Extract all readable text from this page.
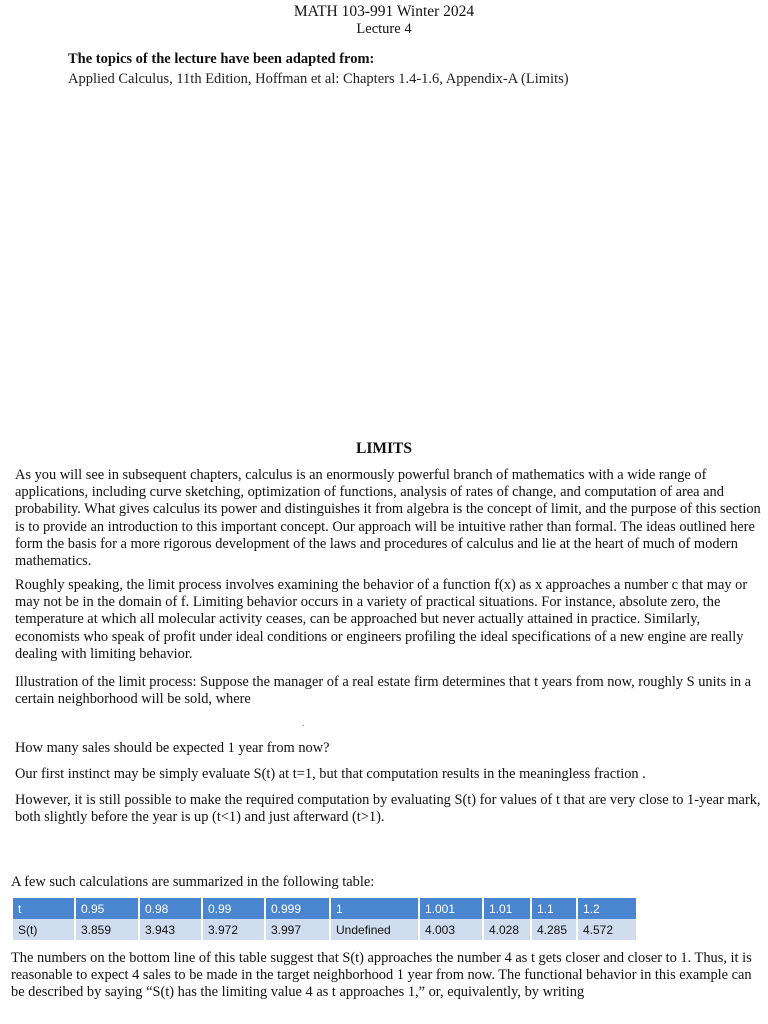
MATH 103-991 Winter 2024
Lecture 4
The topics of the lecture have been adapted from:
Applied Calculus, 11th Edition, Hoffman et al: Chapters 1.4-1.6, Appendix-A (Limits)
LIMITS
As you will see in subsequent chapters, calculus is an enormously powerful branch of mathematics with a wide range of applications, including curve sketching, optimization of functions, analysis of rates of change, and computation of area and probability. What gives calculus its power and distinguishes it from algebra is the concept of limit, and the purpose of this section is to provide an introduction to this important concept. Our approach will be intuitive rather than formal. The ideas outlined here form the basis for a more rigorous development of the laws and procedures of calculus and lie at the heart of much of modern mathematics.
Roughly speaking, the limit process involves examining the behavior of a function f(x) as x approaches a number c that may or may not be in the domain of f. Limiting behavior occurs in a variety of practical situations. For instance, absolute zero, the temperature at which all molecular activity ceases, can be approached but never actually attained in practice. Similarly, economists who speak of profit under ideal conditions or engineers profiling the ideal specifications of a new engine are really dealing with limiting behavior.
Illustration of the limit process: Suppose the manager of a real estate firm determines that t years from now, roughly S units in a certain neighborhood will be sold, where
.
How many sales should be expected 1 year from now?
Our first instinct may be simply evaluate S(t) at t=1, but that computation results in the meaningless fraction .
However, it is still possible to make the required computation by evaluating S(t) for values of t that are very close to 1-year mark, both slightly before the year is up (t<1) and just afterward (t>1).
A few such calculations are summarized in the following table:
t	0.95	0.98	0.99	0.999	1	1.001	1.01	1.1	1.2
S(t)	3.859	3.943	3.972	3.997	Undefined	4.003	4.028	4.285	4.572
The numbers on the bottom line of this table suggest that S(t) approaches the number 4 as t gets closer and closer to 1. Thus, it is reasonable to expect 4 sales to be made in the target neighborhood 1 year from now. The functional behavior in this example can be described by saying “S(t) has the limiting value 4 as t approaches 1,” or, equivalently, by writing
